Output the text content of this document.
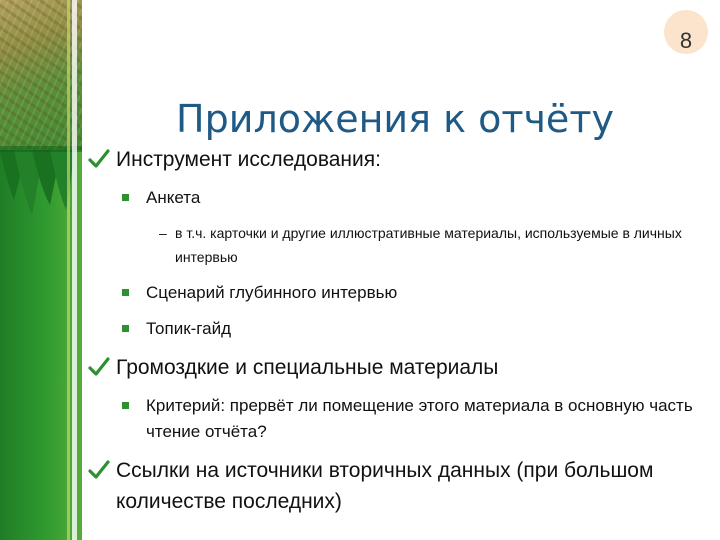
8
Приложения к отчёту
Инструмент исследования:
Анкета
– в т.ч. карточки и другие иллюстративные материалы, используемые в личных интервью
Сценарий глубинного интервью
Топик-гайд
Громоздкие и специальные материалы
Критерий: прервёт ли помещение этого материала в основную часть чтение отчёта?
Ссылки на источники вторичных данных (при большом количестве последних)
